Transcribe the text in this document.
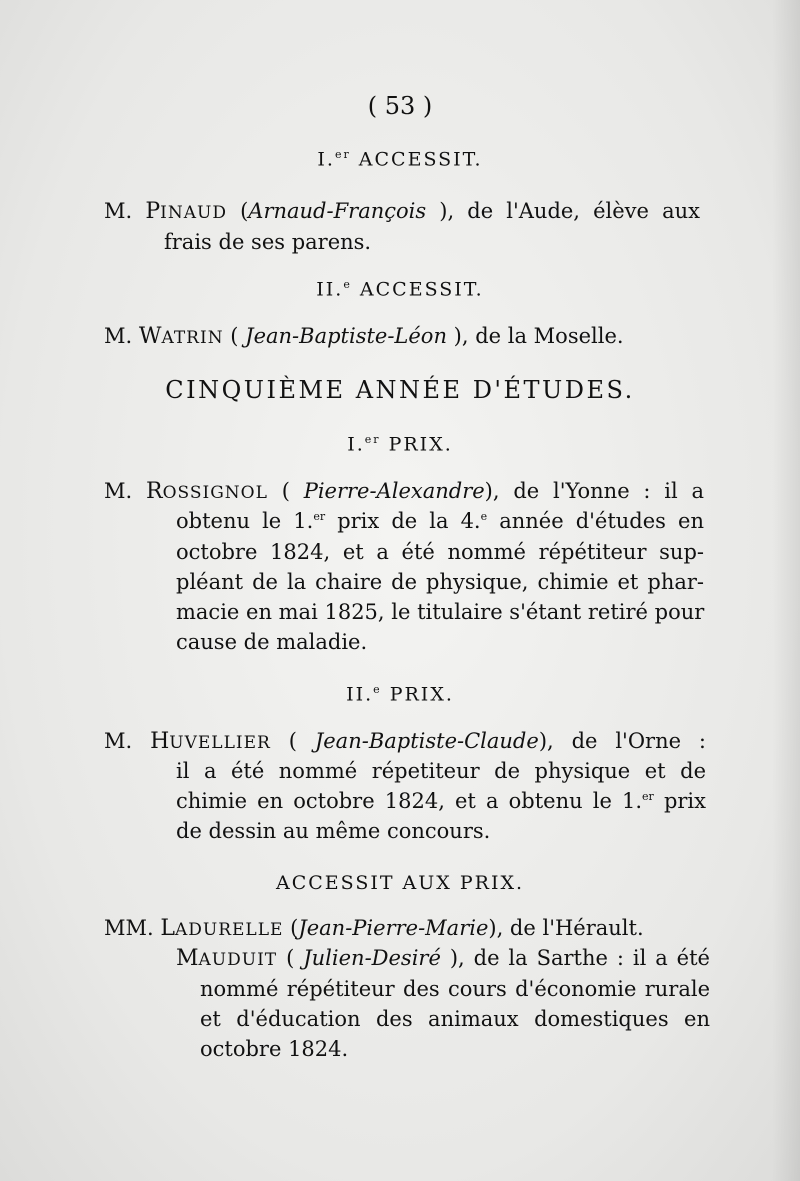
( 53 )
I.$^{er}$ ACCESSIT.
M. PINAUD (Arnaud-François ), de l'Aude, élève aux
frais de ses parens.
II.$^e$ ACCESSIT.
M. WATRIN ( Jean-Baptiste-Léon ), de la Moselle.
CINQUIÈME ANNÉE D'ÉTUDES.
I.$^{er}$ PRIX.
M. ROSSIGNOL ( Pierre-Alexandre), de l'Yonne : il a
obtenu le 1.$^{er}$ prix de la 4.$^e$ année d'études en
octobre 1824, et a été nommé répétiteur sup-
pléant de la chaire de physique, chimie et phar-
macie en mai 1825, le titulaire s'étant retiré pour
cause de maladie.
II.$^e$ PRIX.
M. HUVELLIER ( Jean-Baptiste-Claude), de l'Orne :
il a été nommé répetiteur de physique et de
chimie en octobre 1824, et a obtenu le 1.$^{er}$ prix
de dessin au même concours.
ACCESSIT AUX PRIX.
MM. LADURELLE (Jean-Pierre-Marie), de l'Hérault.
MAUDUIT ( Julien-Desiré ), de la Sarthe : il a été
nommé répétiteur des cours d'économie rurale
et d'éducation des animaux domestiques en
octobre 1824.
